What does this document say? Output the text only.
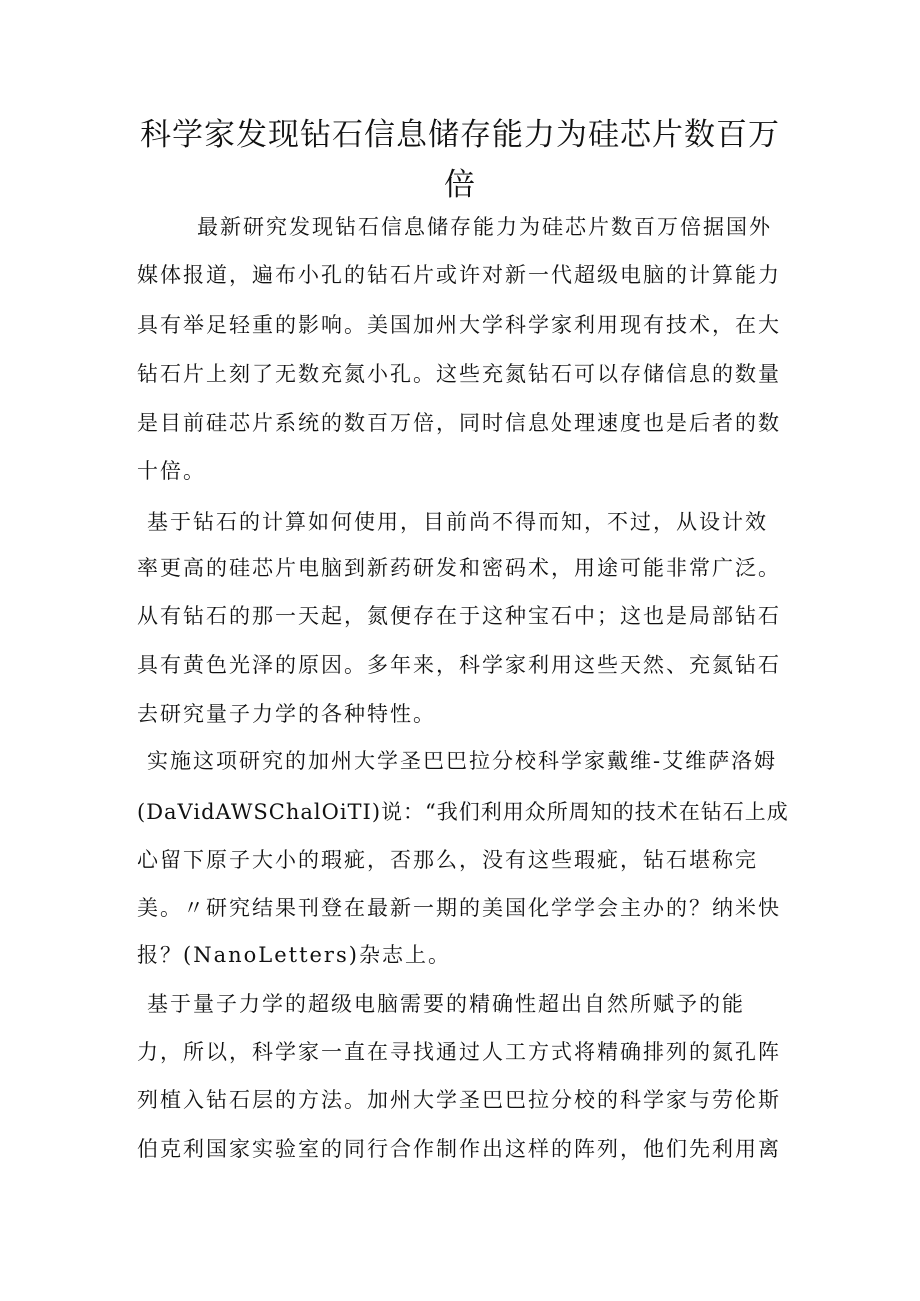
科学家发现钻石信息储存能力为硅芯片数百万倍

最新研究发现钻石信息储存能力为硅芯片数百万倍据国外

媒体报道，遍布小孔的钻石片或许对新一代超级电脑的计算能力

具有举足轻重的影响。美国加州大学科学家利用现有技术，在大

钻石片上刻了无数充氮小孔。这些充氮钻石可以存储信息的数量

是目前硅芯片系统的数百万倍，同时信息处理速度也是后者的数

十倍。

基于钻石的计算如何使用，目前尚不得而知，不过，从设计效

率更高的硅芯片电脑到新药研发和密码术，用途可能非常广泛。

从有钻石的那一天起，氮便存在于这种宝石中；这也是局部钻石

具有黄色光泽的原因。多年来，科学家利用这些天然、充氮钻石

去研究量子力学的各种特性。

实施这项研究的加州大学圣巴巴拉分校科学家戴维-艾维萨洛姆

(DaVidAWSChalOiTI)说：“我们利用众所周知的技术在钻石上成

心留下原子大小的瑕疵，否那么，没有这些瑕疵，钻石堪称完

美。〃研究结果刊登在最新一期的美国化学学会主办的？纳米快

报？(NanoLetters)杂志上。

基于量子力学的超级电脑需要的精确性超出自然所赋予的能

力，所以，科学家一直在寻找通过人工方式将精确排列的氮孔阵

列植入钻石层的方法。加州大学圣巴巴拉分校的科学家与劳伦斯

伯克利国家实验室的同行合作制作出这样的阵列，他们先利用离
